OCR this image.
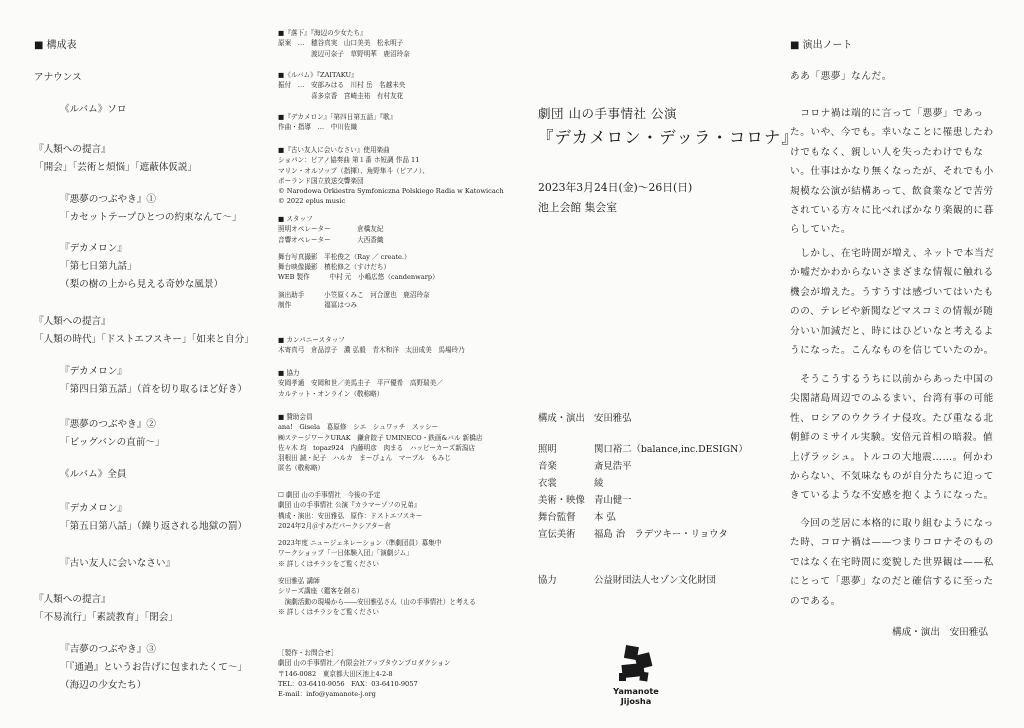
■ 構成表
アナウンス
《ルバム》ソロ
『人類への提言』
「開会」「芸術と煩悩」「遮蔽体仮説」
『悪夢のつぶやき』①
「カセットテープひとつの約束なんて〜」
『デカメロン』
「第七日第九話」
（梨の樹の上から見える奇妙な風景）
『人類への提言』
「人類の時代」「ドストエフスキー」「如来と自分」
『デカメロン』
「第四日第五話」（首を切り取るほど好き）
『悪夢のつぶやき』②
「ビッグバンの直前〜」
《ルバム》全員
『デカメロン』
「第五日第八話」（繰り返される地獄の罰）
『古い友人に会いなさい』
『人類への提言』
「不易流行」「素読教育」「閉会」
『吉夢のつぶやき』③
「『通過』というお告げに包まれたくて〜」
（海辺の少女たち）
■『落下』『海辺の少女たち』
原案　…　穂谷真実　山口美美　松永明子
　　　　　渡辺可奈子　草野明華　鹿沼玲奈
■《ルバム》『ZAITAKU』
振付　…　安部みはる　川村 岳　名越未央
　　　　　喜多京香　宮崎圭祐　有村友花
■『デカメロン』「第四日第五話」『歌』
作曲・指導　…　中川佐織
■『古い友人に会いなさい』使用楽曲
ショパン：ピアノ協奏曲 第１番 ホ短調 作品 11
マリン・オルソップ（指揮）、角野隼斗（ピアノ）、
ポーランド国立放送交響楽団
© Narodowa Orkiestra Symfoniczna Polskiego Radia w Katowicach
© 2022 eplus music
■ スタッフ
照明オペレーター　　　　倉橋友紀
音響オペレーター　　　　大西香織
舞台写真撮影　平松俊之（Ray ／ create.）
舞台映像撮影　槙松修之（すけだち）
WEB 製作　　　中村 元　小嶋広悠（candenwarp）
演出助手　　　小笠原くみこ　河合遼也　鹿沼玲奈
制作　　　　　福冨はつみ
■ カンパニースタッフ
木寄真弓　倉品淳子　濃 弘毅　青木和洋　太田成美　馬場玲乃
■ 協力
安岡孝通　安岡和世／美馬圭子　平戸優希　高野瑞美／
カルテット・オンライン（敬称略）
■ 贊助会員
ana!　Gisela　葛原修　シエ　シュワッチ　スッシー
㈱ステージワークURAK　鎌倉餃子 UMINECO・鉄画&バル 新橋店
佐々木 均　topaz924　内藤明彦　肉まる　ハッピーカーズ新潟店
羽根田 誠・紀子　ハルカ　まーぴょん　マーブル　もみじ
匿名（敬称略）
☐ 劇団 山の手事情社　今後の予定
劇団 山の手事情社 公演『カラマーゾフの兄弟』
構成・演出：安田雅弘　原作：ドストエフスキー
2024年2月＠すみだパークシアター倉
2023年度 ニュージェネレーション（準劇団員）募集中
ワークショップ「一日体験入団」「演劇ジム」
※ 詳しくはチラシをご覧ください
安田雅弘 講師
シリーズ講座（鑑客を創る）
　演劇活動の現場から――安田雅弘さん（山の手事情社）と考える
※ 詳しくはチラシをご覧ください
［製作・お問合せ］
劇団 山の手事情社／有限会社アップタウンプロダクション
〒146-0082　東京都大田区池上4-2-8
TEL：03-6410-9056　FAX：03-6410-9057
E-mail：info@yamanote-j.org
劇団 山の手事情社 公演
『デカメロン・デッラ・コロナ』
2023年3月24日(金)〜26日(日)
池上会館 集会室
構成・演出 安田雅弘
照明	関口裕二（balance,inc.DESIGN）
音楽	斎見浩平
衣裳	綾
美術・映像 青山健一
舞台監督 本 弘
宣伝美術 福島 治　ラデツキー・リョウタ
協力	公益財団法人セゾン文化財団
Yamanote
Jijosha
■ 演出ノート
ああ「悪夢」なんだ。
　コロナ禍は端的に言って「悪夢」であった。いや、今でも。幸いなことに罹患したわけでもなく、親しい人を失ったわけでもない。仕事はかなり無くなったが、それでも小規模な公演が結構あって、飲食業などで苦労されている方々に比べればかなり楽観的に暮らしていた。
　しかし、在宅時間が増え、ネットで本当だか嘘だかわからないさまざまな情報に触れる機会が増えた。うすうすは感づいてはいたものの、テレビや新聞などマスコミの情報が随分いい加減だと、時にはひどいなと考えるようになった。こんなものを信じていたのか。
　そうこうするうちに以前からあった中国の尖閣諸島周辺でのふるまい、台湾有事の可能性、ロシアのウクライナ侵攻。たび重なる北朝鮮のミサイル実験。安倍元首相の暗殺。値上げラッシュ。トルコの大地震……。何かわからない、不気味なものが自分たちに迫ってきているような不安感を抱くようになった。
　今回の芝居に本格的に取り組むようになった時、コロナ禍は——つまりコロナそのものではなく在宅時間に変貌した世界観は——私にとって「悪夢」なのだと確信するに至ったのである。
構成・演出　 安田雅弘
